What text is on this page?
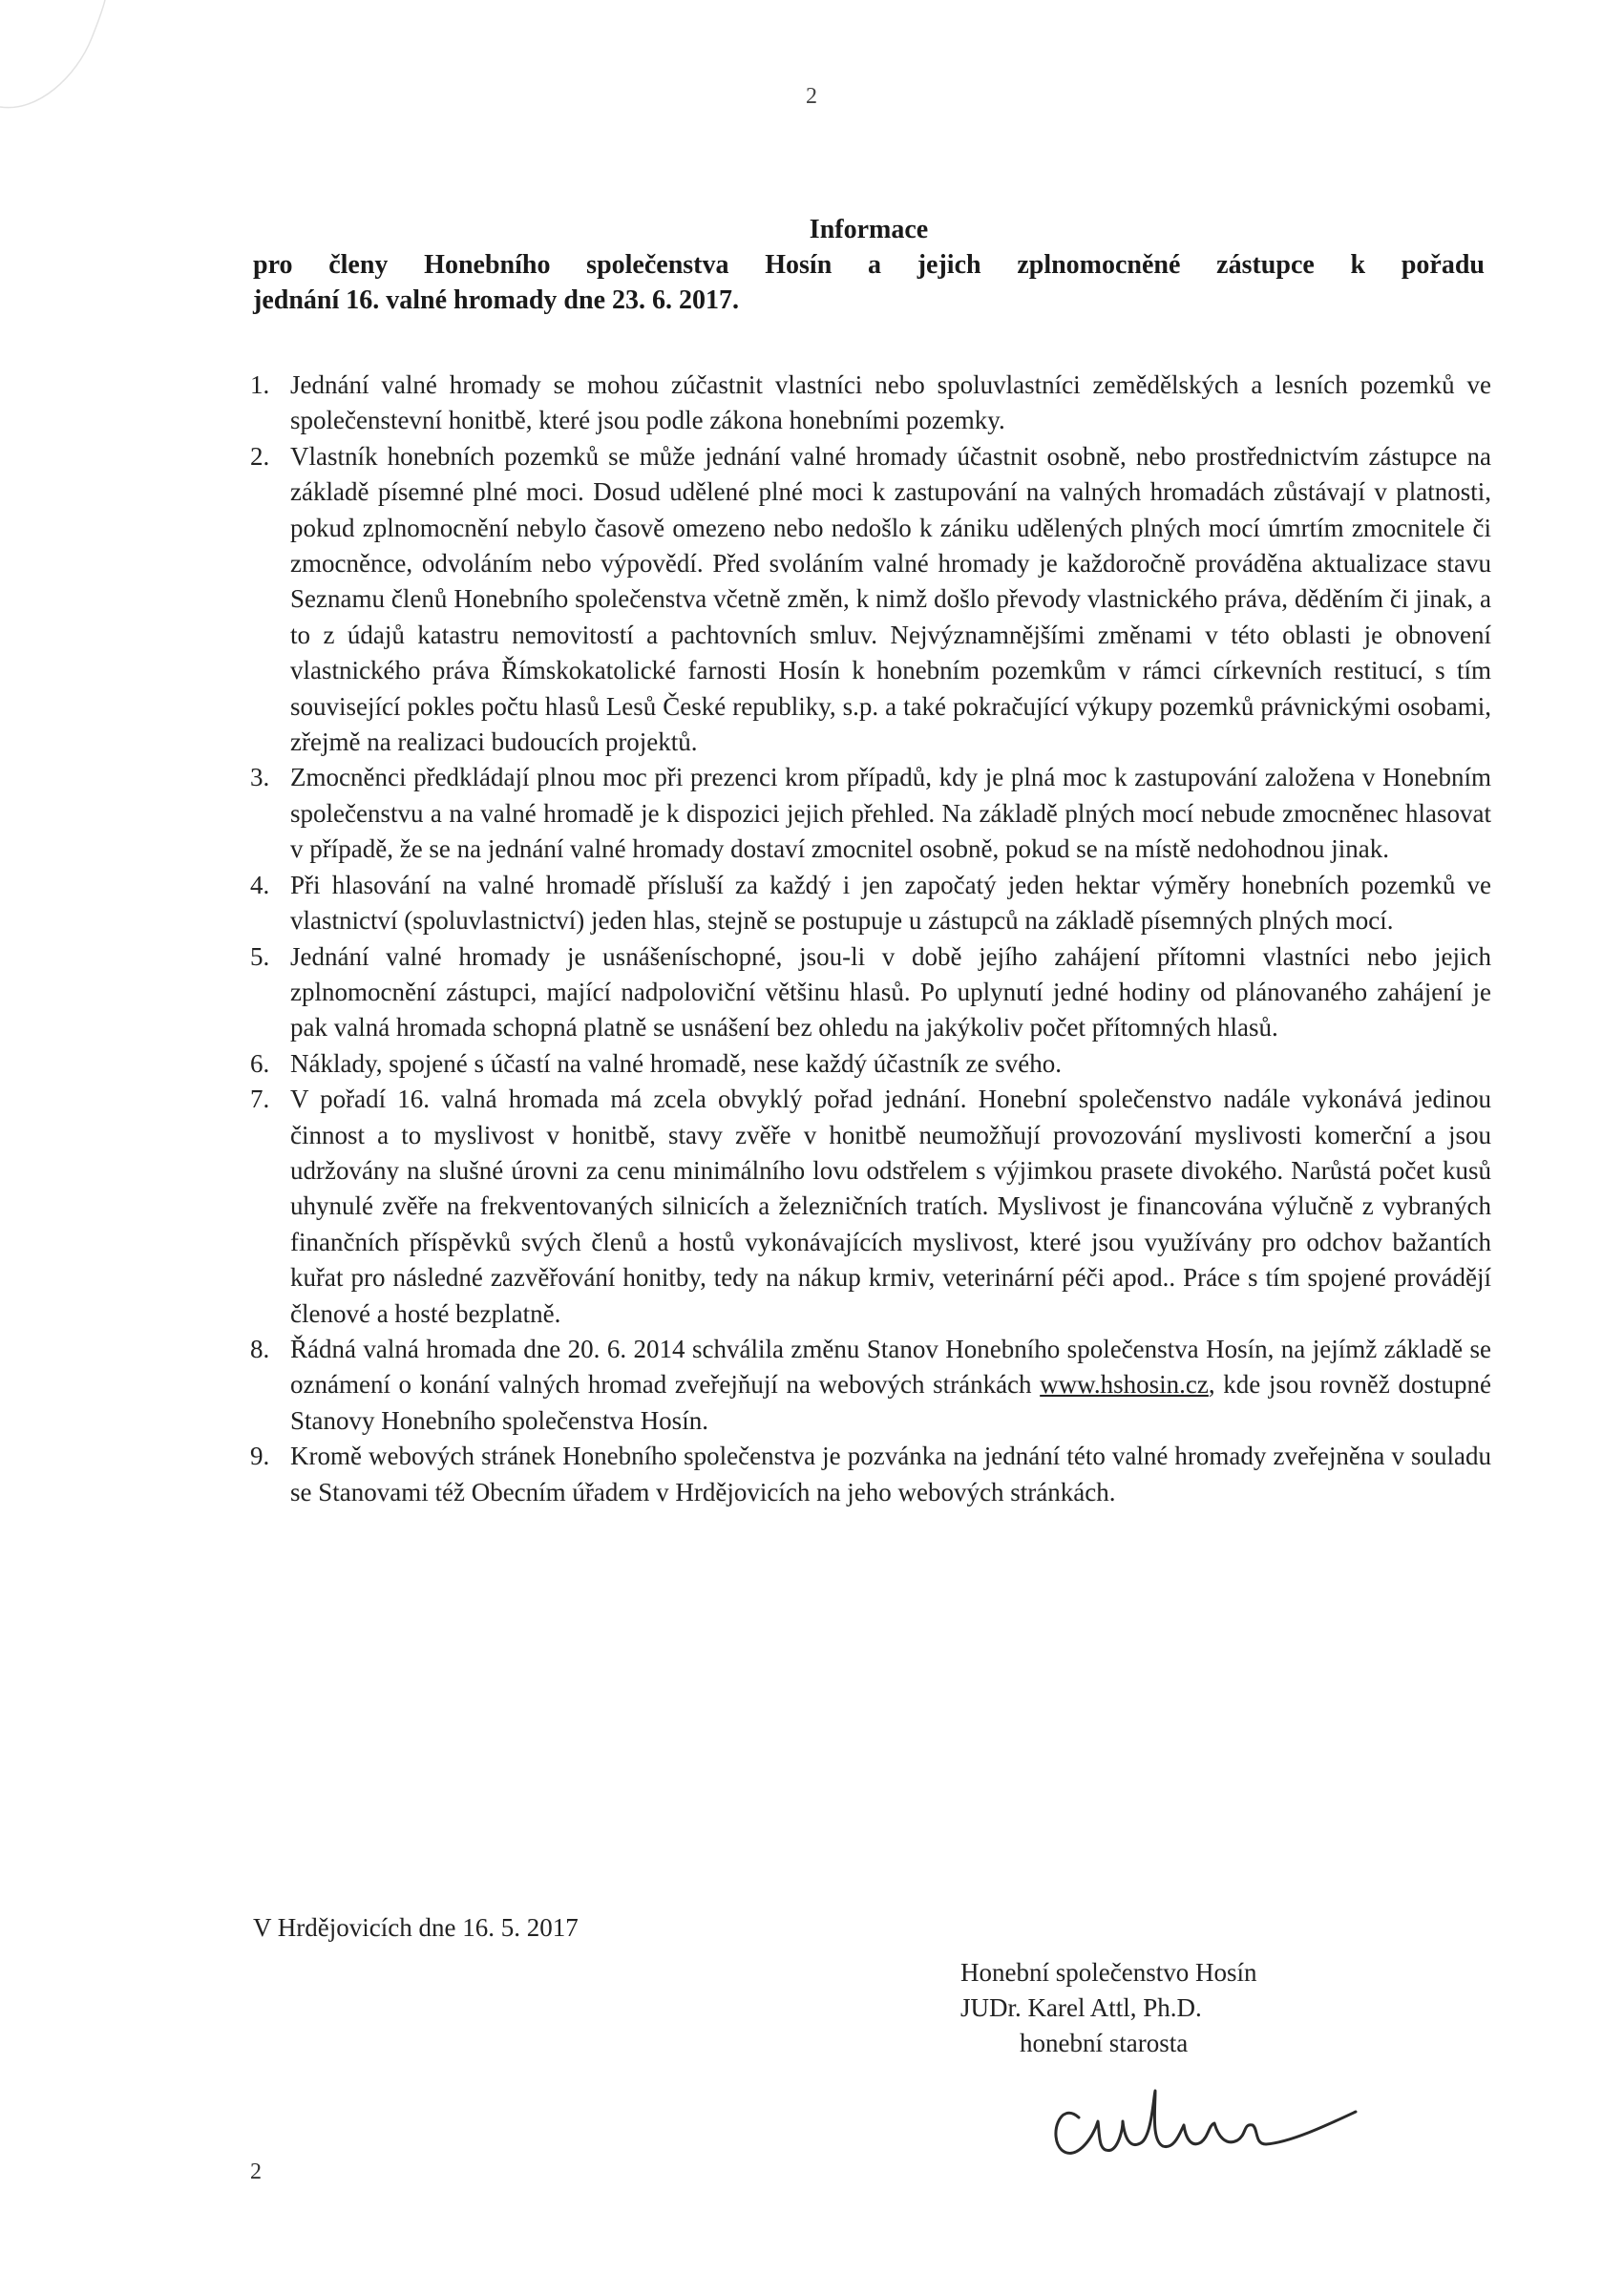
2
Informace
pro členy Honebního společenstva Hosín a jejich zplnomocněné zástupce k pořadu
jednání 16. valné hromady dne 23. 6. 2017.
1. Jednání valné hromady se mohou zúčastnit vlastníci nebo spoluvlastníci zemědělských a lesních pozemků ve společenstevní honitbě, které jsou podle zákona honebními pozemky.
2. Vlastník honebních pozemků se může jednání valné hromady účastnit osobně, nebo prostřednictvím zástupce na základě písemné plné moci. Dosud udělené plné moci k zastupování na valných hromadách zůstávají v platnosti, pokud zplnomocnění nebylo časově omezeno nebo nedošlo k zániku udělených plných mocí úmrtím zmocnitele či zmocněnce, odvoláním nebo výpovědí. Před svoláním valné hromady je každoročně prováděna aktualizace stavu Seznamu členů Honebního společenstva včetně změn, k nimž došlo převody vlastnického práva, děděním či jinak, a to z údajů katastru nemovitostí a pachtovních smluv. Nejvýznamnějšími změnami v této oblasti je obnovení vlastnického práva Římskokatolické farnosti Hosín k honebním pozemkům v rámci církevních restitucí, s tím související pokles počtu hlasů Lesů České republiky, s.p. a také pokračující výkupy pozemků právnickými osobami, zřejmě na realizaci budoucích projektů.
3. Zmocněnci předkládají plnou moc při prezenci krom případů, kdy je plná moc k zastupování založena v Honebním společenstvu a na valné hromadě je k dispozici jejich přehled. Na základě plných mocí nebude zmocněnec hlasovat v případě, že se na jednání valné hromady dostaví zmocnitel osobně, pokud se na místě nedohodnou jinak.
4. Při hlasování na valné hromadě přísluší za každý i jen započatý jeden hektar výměry honebních pozemků ve vlastnictví (spoluvlastnictví) jeden hlas, stejně se postupuje u zástupců na základě písemných plných mocí.
5. Jednání valné hromady je usnášeníschopné, jsou-li v době jejího zahájení přítomni vlastníci nebo jejich zplnomocnění zástupci, mající nadpoloviční většinu hlasů. Po uplynutí jedné hodiny od plánovaného zahájení je pak valná hromada schopná platně se usnášení bez ohledu na jakýkoliv počet přítomných hlasů.
6. Náklady, spojené s účastí na valné hromadě, nese každý účastník ze svého.
7. V pořadí 16. valná hromada má zcela obvyklý pořad jednání. Honební společenstvo nadále vykonává jedinou činnost a to myslivost v honitbě, stavy zvěře v honitbě neumožňují provozování myslivosti komerční a jsou udržovány na slušné úrovni za cenu minimálního lovu odstřelem s výjimkou prasete divokého. Narůstá počet kusů uhynulé zvěře na frekventovaných silnicích a železničních tratích. Myslivost je financována výlučně z vybraných finančních příspěvků svých členů a hostů vykonávajících myslivost, které jsou využívány pro odchov bažantích kuřat pro následné zazvěřování honitby, tedy na nákup krmiv, veterinární péči apod.. Práce s tím spojené provádějí členové a hosté bezplatně.
8. Řádná valná hromada dne 20. 6. 2014 schválila změnu Stanov Honebního společenstva Hosín, na jejímž základě se oznámení o konání valných hromad zveřejňují na webových stránkách www.hshosin.cz, kde jsou rovněž dostupné Stanovy Honebního společenstva Hosín.
9. Kromě webových stránek Honebního společenstva je pozvánka na jednání této valné hromady zveřejněna v souladu se Stanovami též Obecním úřadem v Hrdějovicích na jeho webových stránkách.
V Hrdějovicích dne 16. 5. 2017
Honební společenstvo Hosín
JUDr. Karel Attl, Ph.D.
honební starosta
2
